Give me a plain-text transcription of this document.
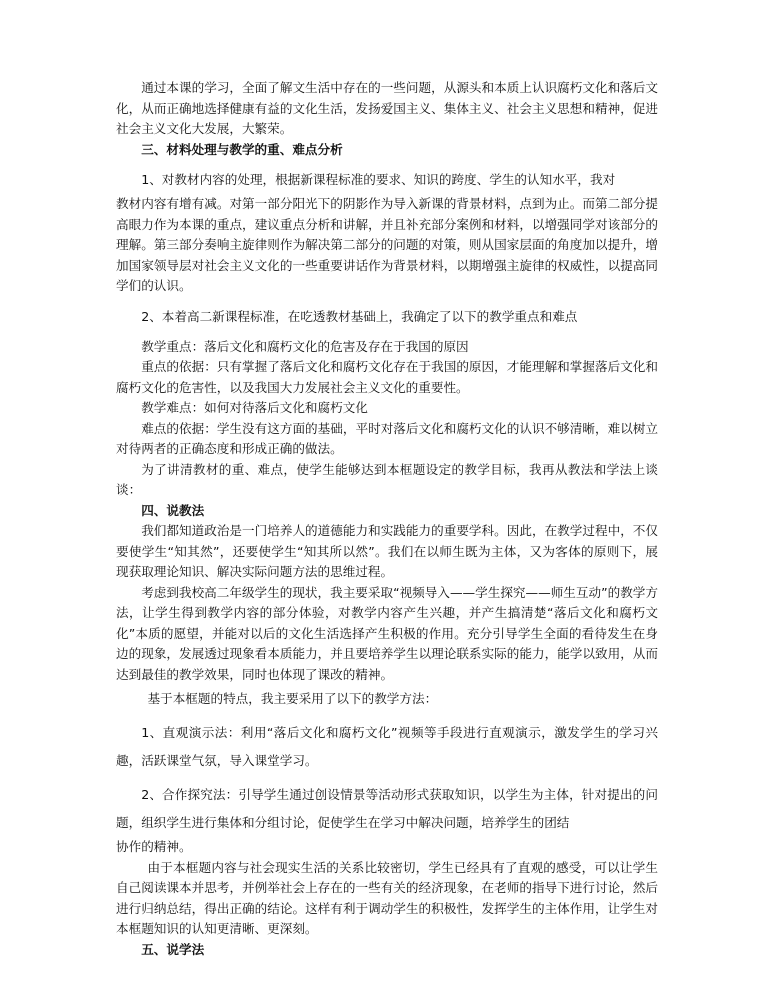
通过本课的学习，全面了解文生活中存在的一些问题，从源头和本质上认识腐朽文化和落后文化，从而正确地选择健康有益的文化生活，发扬爱国主义、集体主义、社会主义思想和精神，促进社会主义文化大发展，大繁荣。

三、材料处理与教学的重、难点分析

1、对教材内容的处理，根据新课程标准的要求、知识的跨度、学生的认知水平，我对

教材内容有增有减。对第一部分阳光下的阴影作为导入新课的背景材料，点到为止。而第二部分提高眼力作为本课的重点，建议重点分析和讲解，并且补充部分案例和材料，以增强同学对该部分的理解。第三部分奏响主旋律则作为解决第二部分的问题的对策，则从国家层面的角度加以提升，增加国家领导层对社会主义文化的一些重要讲话作为背景材料，以期增强主旋律的权威性，以提高同学们的认识。

2、本着高二新课程标准，在吃透教材基础上，我确定了以下的教学重点和难点

教学重点：落后文化和腐朽文化的危害及存在于我国的原因

重点的依据：只有掌握了落后文化和腐朽文化存在于我国的原因，才能理解和掌握落后文化和腐朽文化的危害性，以及我国大力发展社会主义文化的重要性。

教学难点：如何对待落后文化和腐朽文化

难点的依据：学生没有这方面的基础，平时对落后文化和腐朽文化的认识不够清晰，难以树立对待两者的正确态度和形成正确的做法。

为了讲清教材的重、难点，使学生能够达到本框题设定的教学目标，我再从教法和学法上谈谈：

四、说教法

我们都知道政治是一门培养人的道德能力和实践能力的重要学科。因此，在教学过程中，不仅要使学生“知其然”，还要使学生“知其所以然”。我们在以师生既为主体，又为客体的原则下，展现获取理论知识、解决实际问题方法的思维过程。

考虑到我校高二年级学生的现状，我主要采取“视频导入——学生探究——师生互动”的教学方法，让学生得到教学内容的部分体验，对教学内容产生兴趣，并产生搞清楚“落后文化和腐朽文化”本质的愿望，并能对以后的文化生活选择产生积极的作用。充分引导学生全面的看待发生在身边的现象，发展透过现象看本质能力，并且要培养学生以理论联系实际的能力，能学以致用，从而达到最佳的教学效果，同时也体现了课改的精神。

基于本框题的特点，我主要采用了以下的教学方法：

1、直观演示法：利用“落后文化和腐朽文化”视频等手段进行直观演示，激发学生的学习兴趣，活跃课堂气氛，导入课堂学习。

2、合作探究法：引导学生通过创设情景等活动形式获取知识，以学生为主体，针对提出的问题，组织学生进行集体和分组讨论，促使学生在学习中解决问题，培养学生的团结

协作的精神。

由于本框题内容与社会现实生活的关系比较密切，学生已经具有了直观的感受，可以让学生自己阅读课本并思考，并例举社会上存在的一些有关的经济现象，在老师的指导下进行讨论，然后进行归纳总结，得出正确的结论。这样有利于调动学生的积极性，发挥学生的主体作用，让学生对本框题知识的认知更清晰、更深刻。

五、说学法
